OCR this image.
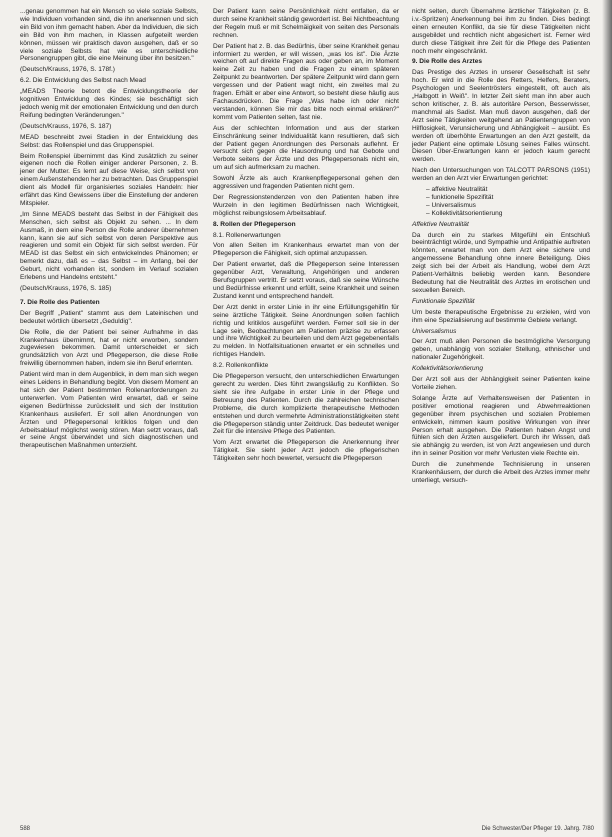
...genau genommen hat ein Mensch so viele soziale Selbsts, wie Individuen vorhanden sind, die ihn anerkennen und sich ein Bild von ihm gemacht haben. Aber da Individuen, die sich ein Bild von ihm machen, in Klassen aufgeteilt werden können, müssen wir praktisch davon ausgehen, daß er so viele soziale Selbsts hat wie es unterschiedliche Personengruppen gibt, die eine Meinung über ihn besitzen."

(Deutsch/Krauss, 1976, S. 178f.)

6.2. Die Entwicklung des Selbst nach Mead

„MEADS Theorie betont die Entwicklungstheorie der kognitiven Entwicklung des Kindes; sie beschäftigt sich jedoch wenig mit der emotionalen Entwicklung und den durch Reifung bedingten Veränderungen."

(Deutsch/Krauss, 1976, S. 187)

MEAD beschreibt zwei Stadien in der Entwicklung des Selbst: das Rollenspiel und das Gruppenspiel.

Beim Rollenspiel übernimmt das Kind zusätzlich zu seiner eigenen noch die Rollen einiger anderer Personen, z. B. jener der Mutter. Es lernt auf diese Weise, sich selbst von einem Außenstehenden her zu betrachten. Das Gruppenspiel dient als Modell für organisiertes soziales Handeln: hier erfährt das Kind Gewissens über die Einstellung der anderen Mitspieler.

„Im Sinne MEADS besteht das Selbst in der Fähigkeit des Menschen, sich selbst als Objekt zu sehen. ... In dem Ausmaß, in dem eine Person die Rolle anderer übernehmen kann, kann sie auf sich selbst von deren Perspektive aus reagieren und somit ein Objekt für sich selbst werden. Für MEAD ist das Selbst ein sich entwickelndes Phänomen; er bemerkt dazu, daß es – das Selbst – im Anfang, bei der Geburt, nicht vorhanden ist, sondern im Verlauf sozialen Erlebens und Handelns entsteht."

(Deutsch/Krauss, 1976, S. 185)

7. Die Rolle des Patienten

Der Begriff „Patient" stammt aus dem Lateinischen und bedeutet wörtlich übersetzt „Geduldig".

Die Rolle, die der Patient bei seiner Aufnahme in das Krankenhaus übernimmt, hat er nicht erworben, sondern zugewiesen bekommen. Damit unterscheidet er sich grundsätzlich von Arzt und Pflegeperson, die diese Rolle freiwillig übernommen haben, indem sie ihn Beruf erlernten.

Patient wird man in dem Augenblick, in dem man sich wegen eines Leidens in Behandlung begibt. Von diesem Moment an hat sich der Patient bestimmten Rollenanforderungen zu unterwerfen. Vom Patienten wird erwartet, daß er seine eigenen Bedürfnisse zurückstellt und sich der Institution Krankenhaus ausliefert. Er soll allen Anordnungen von Ärzten und Pflegepersonal kritiklos folgen und den Arbeitsablauf möglichst wenig stören. Man setzt voraus, daß er seine Angst überwindet und sich diagnostischen und therapeutischen Maßnahmen unterzieht.

Der Patient kann seine Persönlichkeit nicht entfalten, da er durch seine Krankheit ständig gewordert ist. Bei Nichtbeachtung der Regeln muß er mit Schelmäigkeit von seiten des Personals rechnen.

Der Patient hat z. B. das Bedürfnis, über seine Krankheit genau informiert zu werden, er will wissen, „was los ist". Die Ärzte weichen oft auf direkte Fragen aus oder geben an, im Moment keine Zeit zu haben und die Fragen zu einem späteren Zeitpunkt zu beantworten. Der spätere Zeitpunkt wird dann gern vergessen und der Patient wagt nicht, ein zweites mal zu fragen. Erhält er aber eine Antwort, so besteht diese häufig aus Fachausdrücken. Die Frage „Was habe ich oder nicht verstanden, können Sie mir das bitte noch einmal erklären?" kommt vom Patienten selten, fast nie.

Aus der schlechten Information und aus der starken Einschränkung seiner Individualität kann resultieren, daß sich der Patient gegen Anordnungen des Personals auflehnt. Er versucht sich gegen die Hausordnung und hat Gebote und Verbote seitens der Ärzte und des Pflegepersonals nicht ein, um auf sich aufmerksam zu machen.

Sowohl Ärzte als auch Krankenpflegepersonal gehen den aggressiven und fragenden Patienten nicht gern.

Der Regressionstendenzen von den Patienten haben ihre Wurzeln in den legitimen Bedürfnissen nach Wichtigkeit, möglichst reibungslosem Arbeitsablauf.

8. Rollen der Pflegeperson

8.1. Rollenerwartungen

Von allen Seiten im Krankenhaus erwartet man von der Pflegeperson die Fähigkeit, sich optimal anzupassen.

Der Patient erwartet, daß die Pflegeperson seine Interessen gegenüber Arzt, Verwaltung, Angehörigen und anderen Berufsgruppen vertritt. Er setzt voraus, daß sie seine Wünsche und Bedürfnisse erkennt und erfüllt, seine Krankheit und seinen Zustand kennt und entsprechend handelt.

Der Arzt denkt in erster Linie in ihr eine Erfüllungsgehilfin für seine ärztliche Tätigkeit. Seine Anordnungen sollen fachlich richtig und kritiklos ausgeführt werden. Ferner soll sie in der Lage sein, Beobachtungen am Patienten präzise zu erfassen und ihre Wichtigkeit zu beurteilen und dem Arzt gegebenenfalls zu melden. In Notfallsituationen erwartet er ein schnelles und richtiges Handeln.

8.2. Rollenkonflikte

Die Pflegeperson versucht, den unterschiedlichen Erwartungen gerecht zu werden. Dies führt zwangsläufig zu Konflikten. So sieht sie ihre Aufgabe in erster Linie in der Pflege und Betreuung des Patienten. Durch die zahlreichen technischen Probleme, die durch komplizierte therapeutische Methoden entstehen und durch vermehrte Administrationstätigkeiten steht die Pflegeperson ständig unter Zeitdruck. Das bedeutet weniger Zeit für die intensive Pflege des Patienten.

Vom Arzt erwartet die Pflegeperson die Anerkennung ihrer Tätigkeit. Sie sieht jeder Arzt jedoch die pflegerischen Tätigkeiten sehr hoch bewertet, versucht die Pflegeperson

nicht selten, durch Übernahme ärztlicher Tätigkeiten (z. B. i.v.-Spritzen) Anerkennung bei ihm zu finden. Dies bedingt einen erneuten Konflikt, da sie für diese Tätigkeiten nicht ausgebildet und rechtlich nicht abgesichert ist. Ferner wird durch diese Tätigkeit ihre Zeit für die Pflege des Patienten noch mehr eingeschränkt.

9. Die Rolle des Arztes

Das Prestige des Arztes in unserer Gesellschaft ist sehr hoch. Er wird in die Rolle des Retters, Helfers, Beraters, Psychologen und Seelentrösters eingestellt, oft auch als „Halbgott in Weiß". In letzter Zeit sieht man ihn aber auch schon kritischer, z. B. als autoritäre Person, Besserwisser, manchmal als Sadist. Man muß davon ausgehen, daß der Arzt seine Tätigkeiten weitgehend an Patientengruppen von Hilflosigkeit, Verunsicherung und Abhängigkeit – ausübt. Es werden oft überhöhte Erwartungen an den Arzt gestellt, da jeder Patient eine optimale Lösung seines Falles wünscht. Diesen Über-Erwartungen kann er jedoch kaum gerecht werden.

Nach den Untersuchungen von TALCOTT PARSONS (1951) werden an den Arzt vier Erwartungen gerichtet:

– affektive Neutralität
– funktionelle Spezifität
– Universalismus
– Kollektivitätsorientierung

Affektive Neutralität

Da durch ein zu starkes Mitgefühl ein Entschluß beeinträchtigt würde, und Sympathie und Antipathie auftreten könnten, erwartet man von dem Arzt eine sichere und angemessene Behandlung ohne innere Beteiligung. Dies zeigt sich bei der Arbeit als Handlung, wobei dem Arzt Patient-Verhältnis beliebig werden kann. Besondere Bedeutung hat die Neutralität des Arztes im erotischen und sexuellen Bereich.

Funktionale Spezifität

Um beste therapeutische Ergebnisse zu erzielen, wird von ihm eine Spezialisierung auf bestimmte Gebiete verlangt.

Universalismus

Der Arzt muß allen Personen die bestmögliche Versorgung geben, unabhängig von sozialer Stellung, ethnischer und nationaler Zugehörigkeit.

Kollektivitätsorientierung

Der Arzt soll aus der Abhängigkeit seiner Patienten keine Vorteile ziehen.

Solange Ärzte auf Verhaltensweisen der Patienten in positiver emotional reagieren und Abwehrreaktionen gegenüber ihrem psychischen und sozialen Problemen entwickeln, nimmen kaum positive Wirkungen von ihrer Person erhalt ausgehen. Die Patienten haben Angst und fühlen sich den Ärzten ausgeliefert. Durch ihr Wissen, daß sie abhängig zu werden, ist von Arzt angewiesen und durch ihn in seiner Position vor mehr Verlusten viele Rechte ein.

Durch die zunehmende Technisierung in unseren Krankenhäusern, der durch die Arbeit des Arztes immer mehr unterliegt, versuch-

588	Die Schwester/Der Pfleger 19. Jahrg. 7/80
